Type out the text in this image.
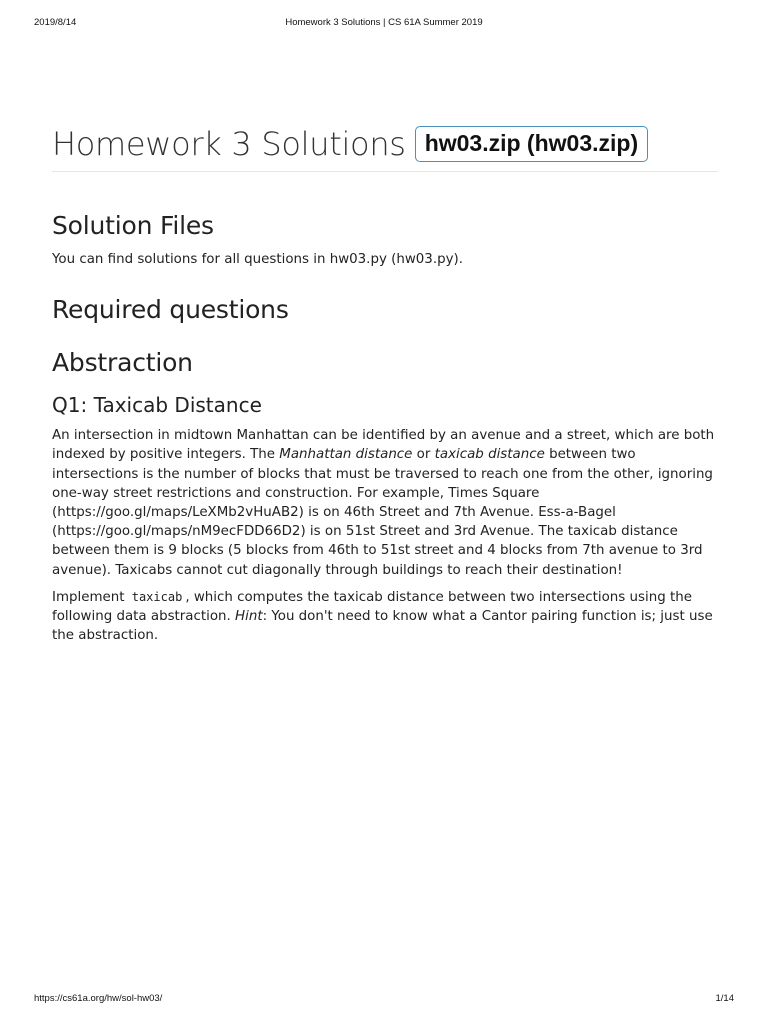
2019/8/14	Homework 3 Solutions | CS 61A Summer 2019
Homework 3 Solutions hw03.zip (hw03.zip)
Solution Files

You can find solutions for all questions in hw03.py (hw03.py).

Required questions
Abstraction
Q1: Taxicab Distance

An intersection in midtown Manhattan can be identified by an avenue and a street, which are both indexed by positive integers. The Manhattan distance or taxicab distance between two intersections is the number of blocks that must be traversed to reach one from the other, ignoring one-way street restrictions and construction. For example, Times Square (https://goo.gl/maps/LeXMb2vHuAB2) is on 46th Street and 7th Avenue. Ess-a-Bagel (https://goo.gl/maps/nM9ecFDD66D2) is on 51st Street and 3rd Avenue. The taxicab distance between them is 9 blocks (5 blocks from 46th to 51st street and 4 blocks from 7th avenue to 3rd avenue). Taxicabs cannot cut diagonally through buildings to reach their destination!

Implement taxicab , which computes the taxicab distance between two intersections using the following data abstraction. Hint: You don't need to know what a Cantor pairing function is; just use the abstraction.

https://cs61a.org/hw/sol-hw03/	1/14
